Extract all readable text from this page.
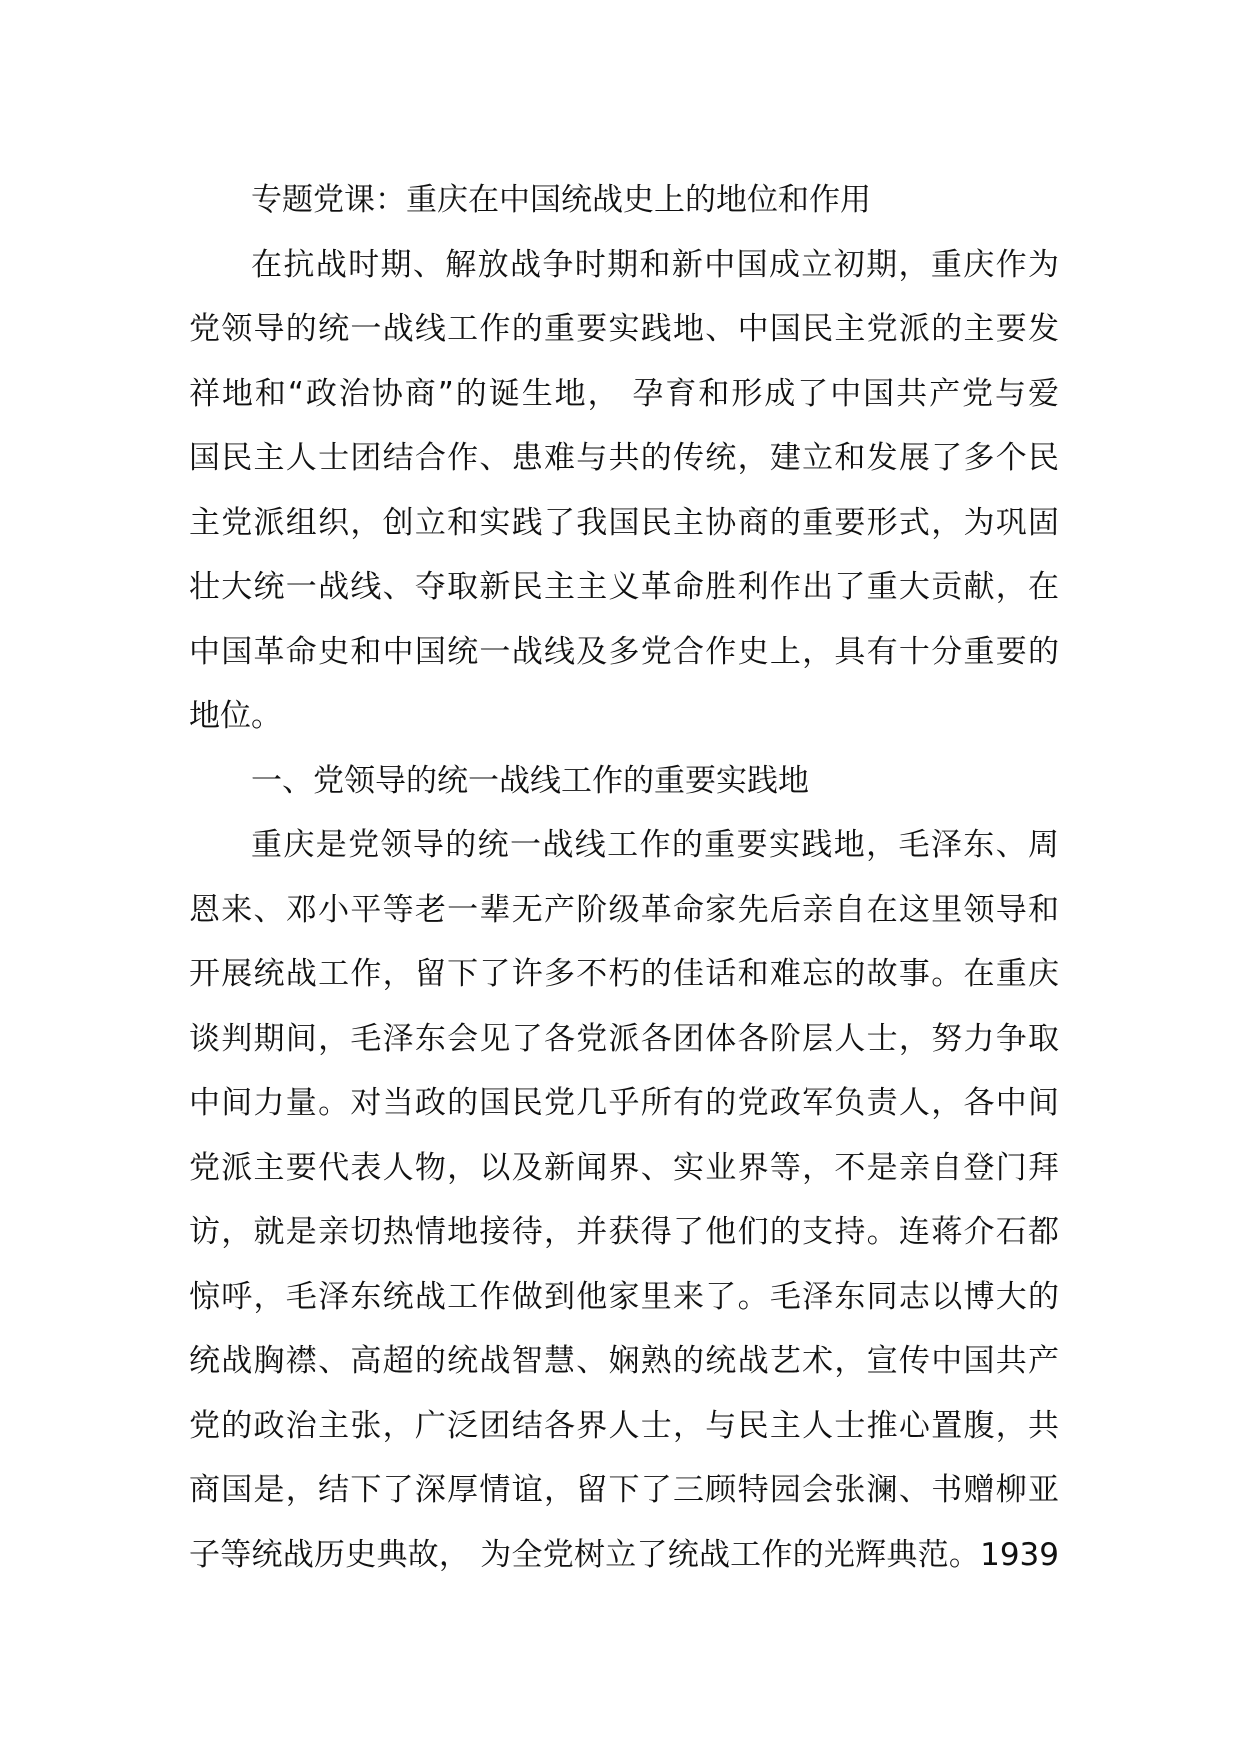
专题党课：重庆在中国统战史上的地位和作用
在抗战时期、解放战争时期和新中国成立初期，重庆作为
党领导的统一战线工作的重要实践地、中国民主党派的主要发
祥地和“政治协商”的诞生地， 孕育和形成了中国共产党与爱
国民主人士团结合作、患难与共的传统，建立和发展了多个民
主党派组织，创立和实践了我国民主协商的重要形式，为巩固
壮大统一战线、夺取新民主主义革命胜利作出了重大贡献，在
中国革命史和中国统一战线及多党合作史上，具有十分重要的
地位。
一、党领导的统一战线工作的重要实践地
重庆是党领导的统一战线工作的重要实践地，毛泽东、周
恩来、邓小平等老一辈无产阶级革命家先后亲自在这里领导和
开展统战工作，留下了许多不朽的佳话和难忘的故事。在重庆
谈判期间，毛泽东会见了各党派各团体各阶层人士，努力争取
中间力量。对当政的国民党几乎所有的党政军负责人，各中间
党派主要代表人物，以及新闻界、实业界等，不是亲自登门拜
访，就是亲切热情地接待，并获得了他们的支持。连蒋介石都
惊呼，毛泽东统战工作做到他家里来了。毛泽东同志以博大的
统战胸襟、高超的统战智慧、娴熟的统战艺术，宣传中国共产
党的政治主张，广泛团结各界人士，与民主人士推心置腹，共
商国是，结下了深厚情谊，留下了三顾特园会张澜、书赠柳亚
子等统战历史典故， 为全党树立了统战工作的光辉典范。1939
